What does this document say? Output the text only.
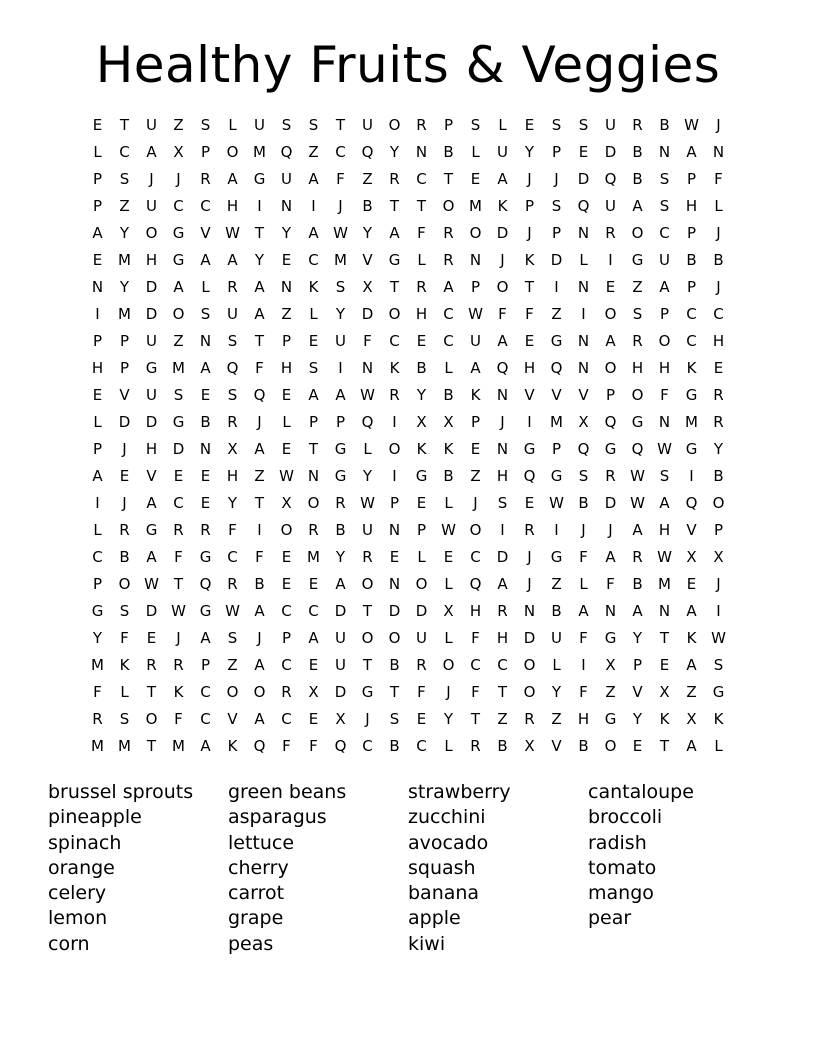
Healthy Fruits & Veggies
E	T	U	Z	S	L	U	S	S	T	U	O	R	P	S	L	E	S	S	U	R	B W	J
L	C	A	X	P	O M Q	Z	C	Q	Y	N	B	L	U	Y	P	E	D	B	N	A	N
P	S	J	J	R	A	G	U	A	F	Z	R	C	T	E	A	J	J	D	Q	B	S	P	F
P	Z	U	C	C	H	I	N	I	J	B	T	T	O M	K	P	S	Q	U	A	S	H	L
A	Y	O	G	V W T	Y	A W Y	A	F	R	O	D	J	P	N	R	O	C	P	J
E	M H	G	A	A	Y	E	C	M	V	G	L	R	N	J	K	D	L	I	G	U	B	B
N	Y	D	A	L	R	A	N	K	S	X	T	R	A	P	O	T	I	N	E	Z	A	P	J
I	M D	O	S	U	A	Z	L	Y	D	O	H	C W	F	F	Z	I	O	S	P	C	C
P	P	U	Z	N	S	T	P	E	U	F	C	E	C	U	A	E	G	N	A	R	O	C	H
H	P	G M	A	Q	F	H	S	I	N	K	B	L	A	Q	H	Q	N	O	H	H	K	E
E	V	U	S	E	S	Q	E	A	A W R	Y	B	K	N	V	V	V	P	O	F	G	R
L	D	D	G	B	R	J	L	P	P	Q	I	X	X	P	J	I	M	X	Q	G	N M	R
P	J	H	D	N	X	A	E	T	G	L	O	K	K	E	N	G	P	Q	G	Q W G	Y
A	E	V	E	E	H	Z W N	G	Y	I	G	B	Z	H	Q	G	S	R W S	I	B
I	J	A	C	E	Y	T	X	O	R W	P	E	L	J	S	E W B	D W A	Q	O
L	R	G	R	R	F	I	O	R	B	U	N	P	W O	I	R	I	J	J	A	H	V	P
C	B	A	F	G	C	F	E	M	Y	R	E	L	E	C	D	J	G	F	A	R W X	X
P	O W T	Q	R	B	E	E	A	O	N	O	L	Q	A	J	Z	L	F	B	M	E	J
G	S	D W G W A	C	C	D	T	D	D	X	H	R	N	B	A	N	A	N	A	I
Y	F	E	J	A	S	J	P	A	U	O	O	U	L	F	H	D	U	F	G	Y	T	K W
M	K	R	R	P	Z	A	C	E	U	T	B	R	O	C	C	O	L	I	X	P	E	A	S
F	L	T	K	C	O	O	R	X	D	G	T	F	J	F	T	O	Y	F	Z	V	X	Z	G
R	S	O	F	C	V	A	C	E	X	J	S	E	Y	T	Z	R	Z	H	G	Y	K	X	K
M M	T	M	A	K	Q	F	F	Q	C	B	C	L	R	B	X	V	B	O	E	T	A	L
brussel sprouts
pineapple
spinach
orange
celery
lemon
corn
green beans
asparagus
lettuce
cherry
carrot
grape
peas
strawberry
zucchini
avocado
squash
banana
apple
kiwi
cantaloupe
broccoli
radish
tomato
mango
pear
